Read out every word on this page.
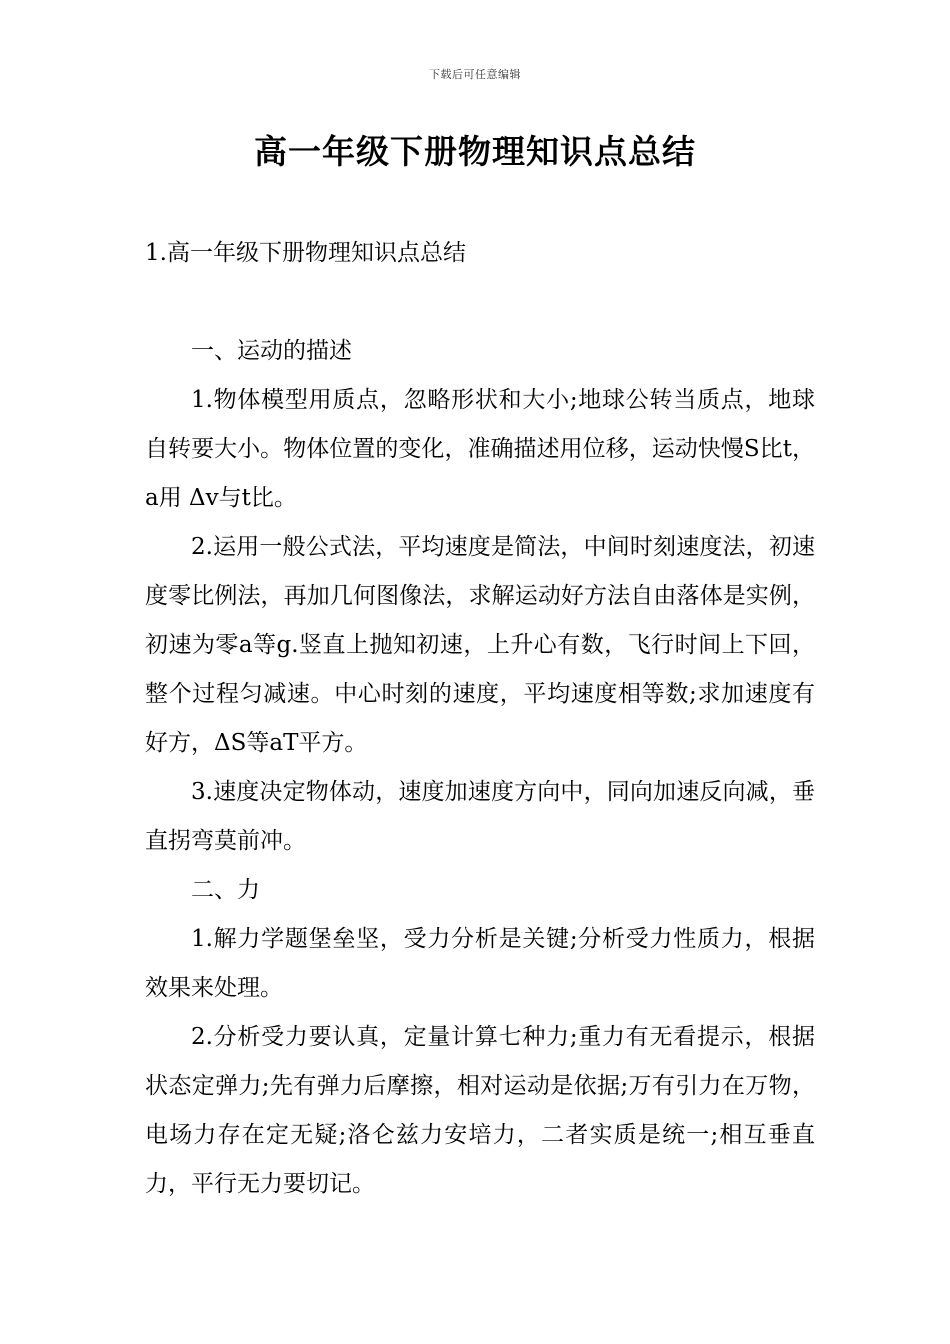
下载后可任意编辑
高一年级下册物理知识点总结
1.高一年级下册物理知识点总结

一、运动的描述

1.物体模型用质点，忽略形状和大小;地球公转当质点，地球自转要大小。物体位置的变化，准确描述用位移，运动快慢S比t，a用 Δv与t比。

2.运用一般公式法，平均速度是简法，中间时刻速度法，初速度零比例法，再加几何图像法，求解运动好方法自由落体是实例，初速为零a等g.竖直上抛知初速，上升心有数，飞行时间上下回，整个过程匀减速。中心时刻的速度，平均速度相等数;求加速度有好方，ΔS等aT平方。

3.速度决定物体动，速度加速度方向中，同向加速反向减，垂直拐弯莫前冲。

二、力

1.解力学题堡垒坚，受力分析是关键;分析受力性质力，根据效果来处理。

2.分析受力要认真，定量计算七种力;重力有无看提示，根据状态定弹力;先有弹力后摩擦，相对运动是依据;万有引力在万物，电场力存在定无疑;洛仑兹力安培力，二者实质是统一;相互垂直力，平行无力要切记。
